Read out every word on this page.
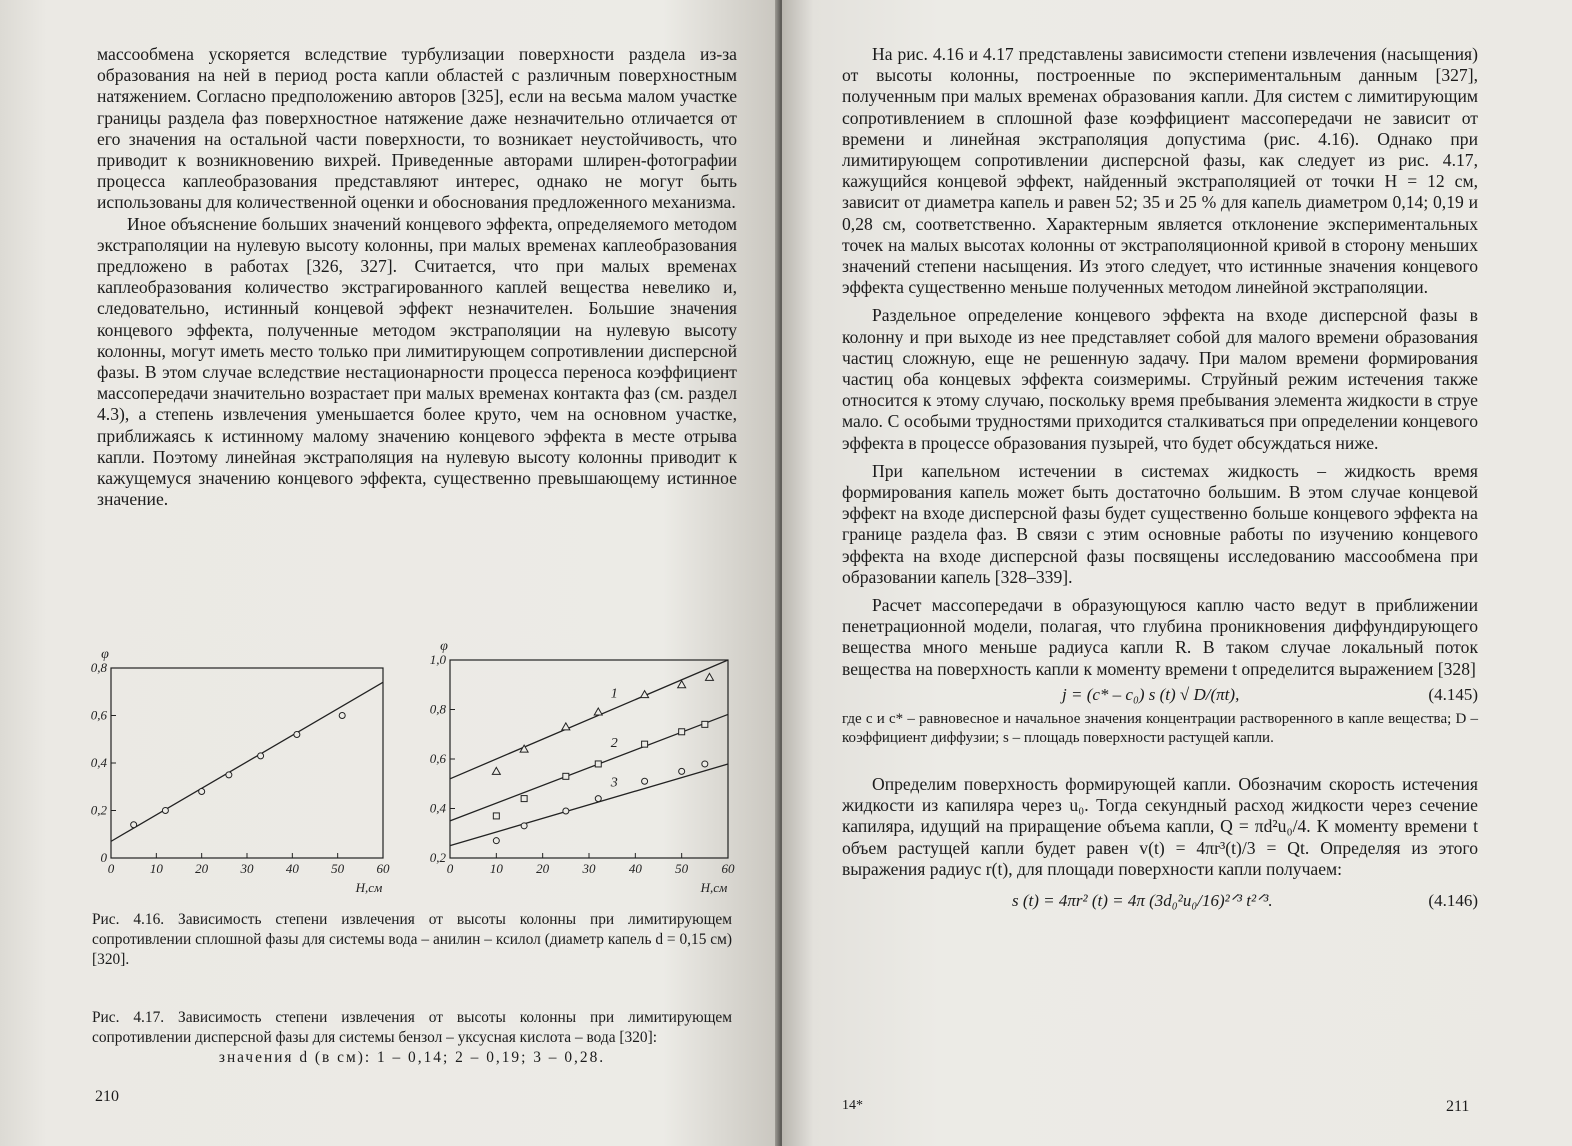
массообмена ускоряется вследствие турбулизации поверхности раздела из-за образования на ней в период роста капли областей с различным поверхностным натяжением. Согласно предположению авторов [325], если на весьма малом участке границы раздела фаз поверхностное натяжение даже незначительно отличается от его значения на остальной части поверхности, то возникает неустойчивость, что приводит к возникновению вихрей. Приведенные авторами шлирен-фотографии процесса каплеобразования представляют интерес, однако не могут быть использованы для количественной оценки и обоснования предложенного механизма.

Иное объяснение больших значений концевого эффекта, определяемого методом экстраполяции на нулевую высоту колонны, при малых временах каплеобразования предложено в работах [326, 327]. Считается, что при малых временах каплеобразования количество экстрагированного каплей вещества невелико и, следовательно, истинный концевой эффект незначителен. Большие значения концевого эффекта, полученные методом экстраполяции на нулевую высоту колонны, могут иметь место только при лимитирующем сопротивлении дисперсной фазы. В этом случае вследствие нестационарности процесса переноса коэффициент массопередачи значительно возрастает при малых временах контакта фаз (см. раздел 4.3), а степень извлечения уменьшается более круто, чем на основном участке, приближаясь к истинному малому значению концевого эффекта в месте отрыва капли. Поэтому линейная экстраполяция на нулевую высоту колонны приводит к кажущемуся значению концевого эффекта, существенно превышающему истинное значение.

0	10 20 30 40 50 60
0
0,2
0,4
0,6
0,8
φ
H,см
0	10	20	30	40	50	60
0,2
0,4
0,6
0,8
1,0
φ
H,см
1
2
3
Рис. 4.16. Зависимость степени извлечения от высоты колонны при лимитирующем сопротивлении сплошной фазы для системы вода – анилин – ксилол (диаметр капель d = 0,15 см) [320].
Рис. 4.17. Зависимость степени извлечения от высоты колонны при лимитирующем сопротивлении дисперсной фазы для системы бензол – уксусная кислота – вода [320]:
значения d (в см): 1 – 0,14; 2 – 0,19; 3 – 0,28.
210

На рис. 4.16 и 4.17 представлены зависимости степени извлечения (насыщения) от высоты колонны, построенные по экспериментальным данным [327], полученным при малых временах образования капли. Для систем с лимитирующим сопротивлением в сплошной фазе коэффициент массопередачи не зависит от времени и линейная экстраполяция допустима (рис. 4.16). Однако при лимитирующем сопротивлении дисперсной фазы, как следует из рис. 4.17, кажущийся концевой эффект, найденный экстраполяцией от точки H = 12 см, зависит от диаметра капель и равен 52; 35 и 25 % для капель диаметром 0,14; 0,19 и 0,28 см, соответственно. Характерным является отклонение экспериментальных точек на малых высотах колонны от экстраполяционной кривой в сторону меньших значений степени насыщения. Из этого следует, что истинные значения концевого эффекта существенно меньше полученных методом линейной экстраполяции.

Раздельное определение концевого эффекта на входе дисперсной фазы в колонну и при выходе из нее представляет собой для малого времени образования частиц сложную, еще не решенную задачу. При малом времени формирования частиц оба концевых эффекта соизмеримы. Струйный режим истечения также относится к этому случаю, поскольку время пребывания элемента жидкости в струе мало. С особыми трудностями приходится сталкиваться при определении концевого эффекта в процессе образования пузырей, что будет обсуждаться ниже.

При капельном истечении в системах жидкость – жидкость время формирования капель может быть достаточно большим. В этом случае концевой эффект на входе дисперсной фазы будет существенно больше концевого эффекта на границе раздела фаз. В связи с этим основные работы по изучению концевого эффекта на входе дисперсной фазы посвящены исследованию массообмена при образовании капель [328–339].

Расчет массопередачи в образующуюся каплю часто ведут в приближении пенетрационной модели, полагая, что глубина проникновения диффундирующего вещества много меньше радиуса капли R. В таком случае локальный поток вещества на поверхность капли к моменту времени t определится выражением [328]

j = (c* – c₀) s (t) √ D/(πt),	(4.145)

где c и c* – равновесное и начальное значения концентрации растворенного в капле вещества; D – коэффициент диффузии; s – площадь поверхности растущей капли.

Определим поверхность формирующей капли. Обозначим скорость истечения жидкости из капиляра через u₀. Тогда секундный расход жидкости через сечение капиляра, идущий на приращение объема капли, Q = πd²u₀/4. К моменту времени t объем растущей капли будет равен v(t) = 4πr³(t)/3 = Qt. Определяя из этого выражения радиус r(t), для площади поверхности капли получаем:

s (t) = 4πr² (t) = 4π (3d₀²u₀/16)²ᐟ³ t²ᐟ³.	(4.146)
14*	211
